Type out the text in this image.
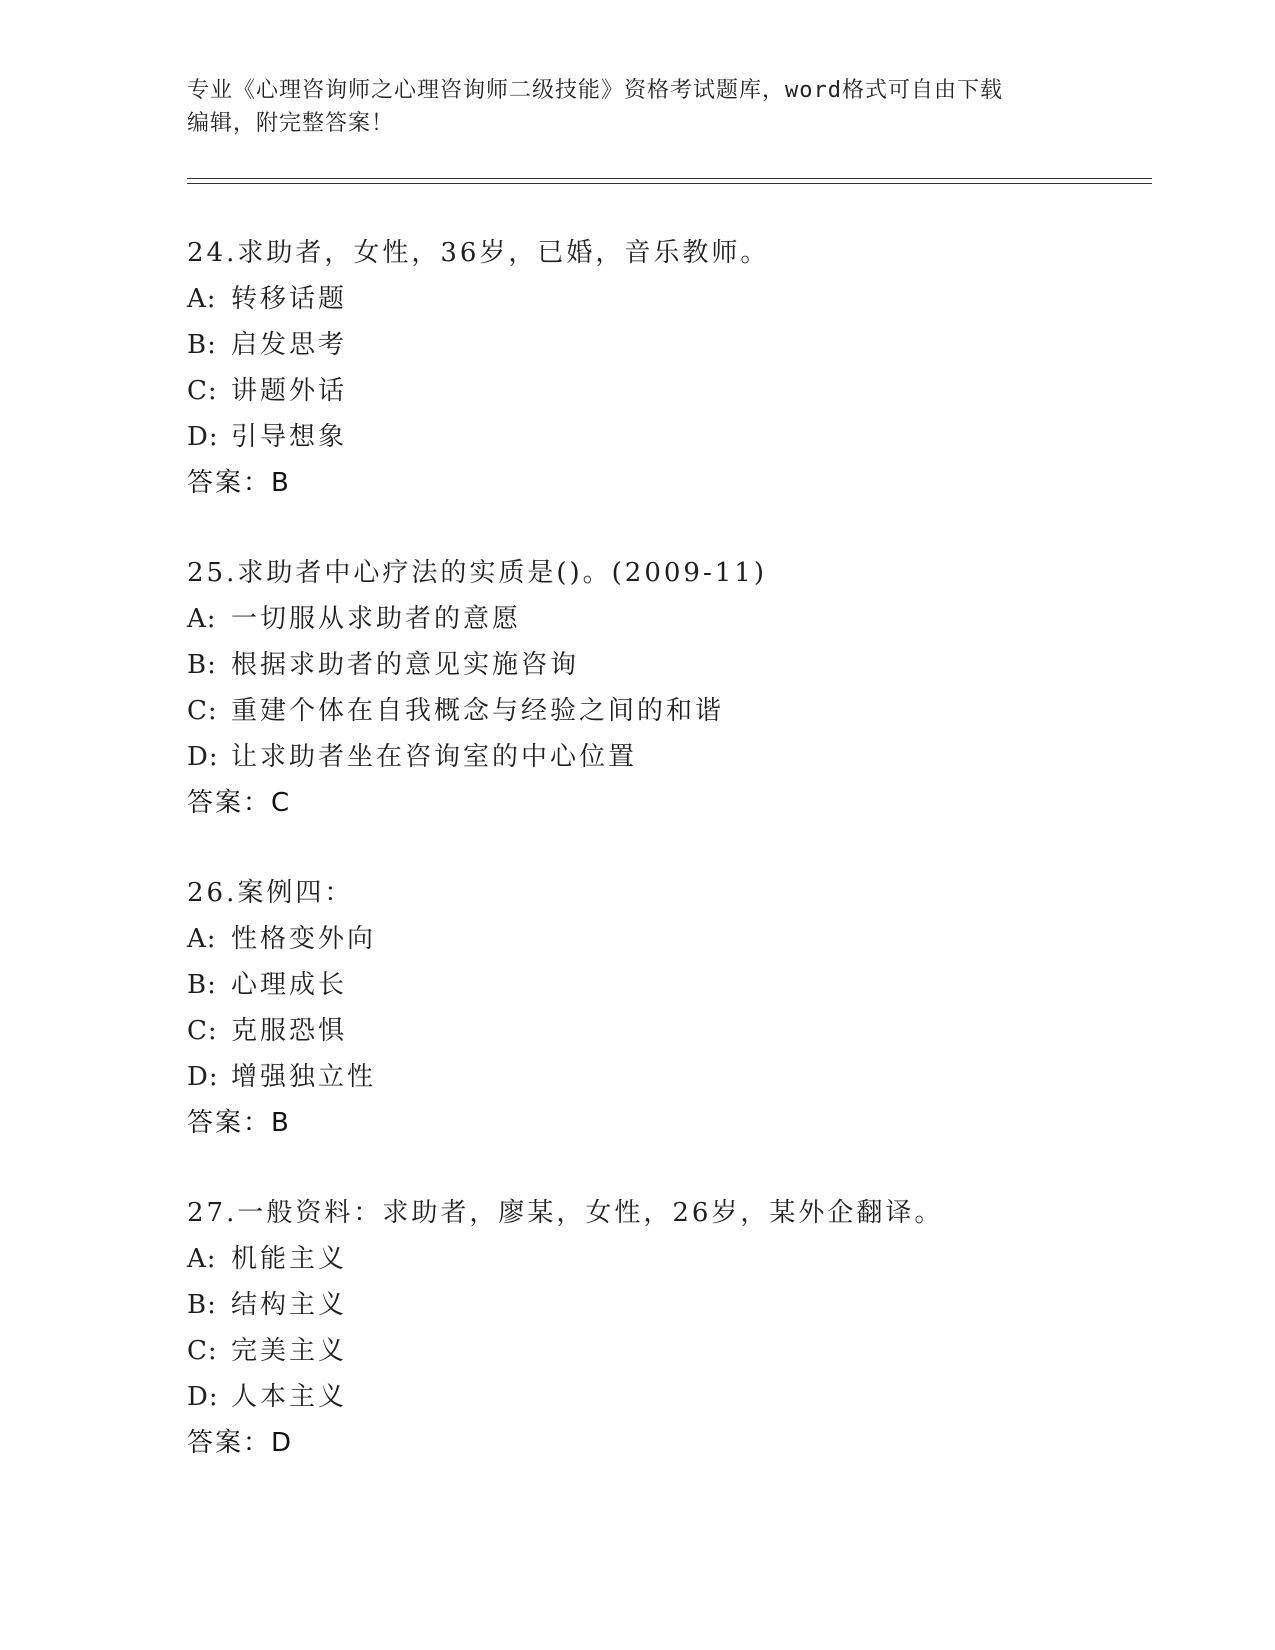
专业《心理咨询师之心理咨询师二级技能》资格考试题库，word格式可自由下载
编辑，附完整答案！
24.求助者，女性，36岁，已婚，音乐教师。
A: 转移话题
B: 启发思考
C: 讲题外话
D: 引导想象
答案：B
25.求助者中心疗法的实质是()。(2009-11)
A: 一切服从求助者的意愿
B: 根据求助者的意见实施咨询
C: 重建个体在自我概念与经验之间的和谐
D: 让求助者坐在咨询室的中心位置
答案：C
26.案例四：
A: 性格变外向
B: 心理成长
C: 克服恐惧
D: 增强独立性
答案：B
27.一般资料：求助者，廖某，女性，26岁，某外企翻译。
A: 机能主义
B: 结构主义
C: 完美主义
D: 人本主义
答案：D
